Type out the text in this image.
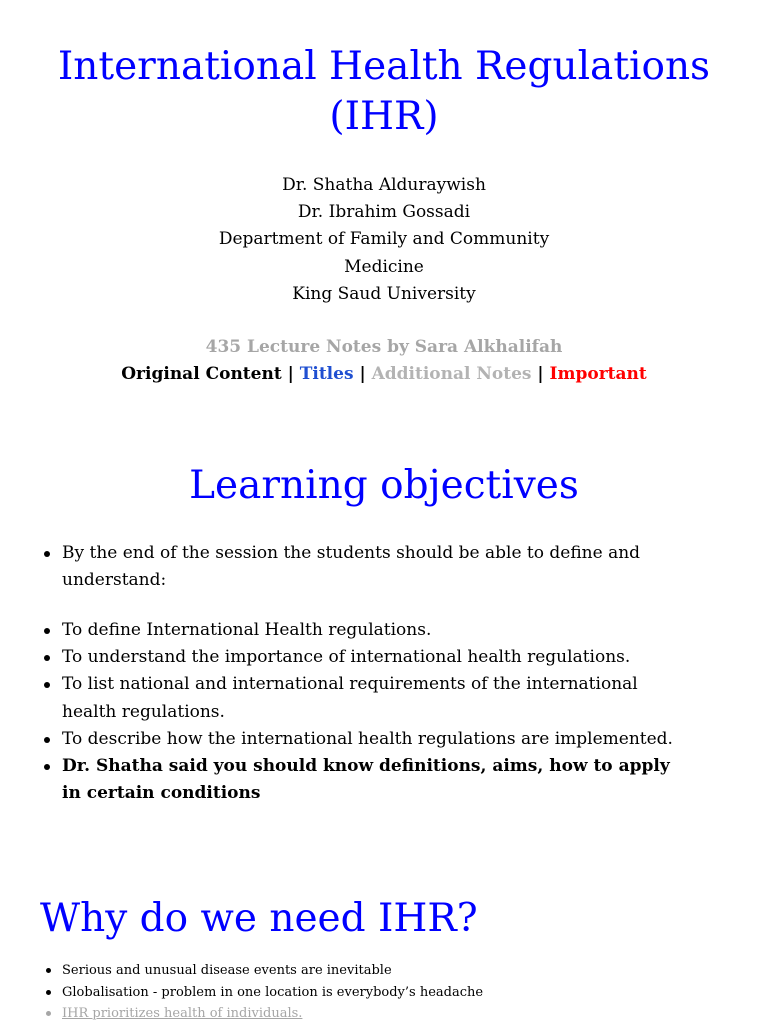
International Health Regulations
(IHR)
Dr. Shatha Alduraywish
Dr. Ibrahim Gossadi
Department of Family and Community
Medicine
King Saud University
435 Lecture Notes by Sara Alkhalifah
Original Content | Titles | Additional Notes | Important
Learning objectives
By the end of the session the students should be able to define and understand:
To define International Health regulations.
To understand the importance of international health regulations.
To list national and international requirements of the international health regulations.
To describe how the international health regulations are implemented.
Dr. Shatha said you should know definitions, aims, how to apply in certain conditions
Why do we need IHR?
Serious and unusual disease events are inevitable
Globalisation - problem in one location is everybody’s headache
IHR prioritizes health of individuals.
